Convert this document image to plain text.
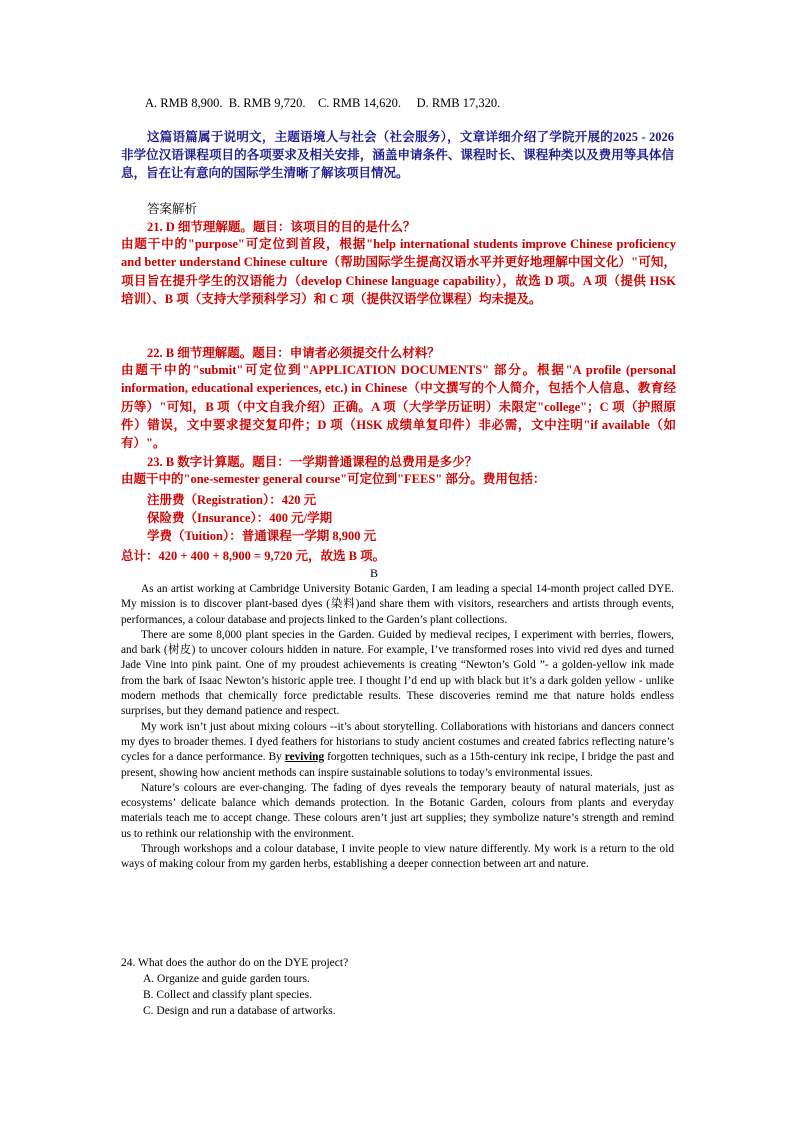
A. RMB 8,900.  B. RMB 9,720.    C. RMB 14,620.     D. RMB 17,320.
这篇语篇属于说明文，主题语境人与社会（社会服务），文章详细介绍了学院开展的2025 - 2026 非学位汉语课程项目的各项要求及相关安排，涵盖申请条件、课程时长、课程种类以及费用等具体信息，旨在让有意向的国际学生清晰了解该项目情况。
答案解析
21. D 细节理解题。题目：该项目的目的是什么？
由题干中的"purpose"可定位到首段，根据"help international students improve Chinese proficiency and better understand Chinese culture（帮助国际学生提高汉语水平并更好地理解中国文化）"可知，项目旨在提升学生的汉语能力（develop Chinese language capability），故选 D 项。A 项（提供 HSK 培训）、B 项（支持大学预科学习）和 C 项（提供汉语学位课程）均未提及。
22. B 细节理解题。题目：申请者必须提交什么材料？
由题干中的"submit"可定位到"APPLICATION DOCUMENTS" 部分。根据"A profile (personal information, educational experiences, etc.) in Chinese（中文撰写的个人简介，包括个人信息、教育经历等）"可知，B 项（中文自我介绍）正确。A 项（大学学历证明）未限定"college"；C 项（护照原件）错误，文中要求提交复印件；D 项（HSK 成绩单复印件）非必需，文中注明"if available（如有）"。
23. B 数字计算题。题目：一学期普通课程的总费用是多少？
由题干中的"one-semester general course"可定位到"FEES" 部分。费用包括：
注册费（Registration）：420 元
保险费（Insurance）：400 元/学期
学费（Tuition）：普通课程一学期 8,900 元
总计：420 + 400 + 8,900 = 9,720 元，故选 B 项。
B

As an artist working at Cambridge University Botanic Garden, I am leading a special 14-month project called DYE. My mission is to discover plant-based dyes (染料)and share them with visitors, researchers and artists through events, performances, a colour database and projects linked to the Garden’s plant collections.

There are some 8,000 plant species in the Garden. Guided by medieval recipes, I experiment with berries, flowers, and bark (树皮) to uncover colours hidden in nature. For example, I’ve transformed roses into vivid red dyes and turned Jade Vine into pink paint. One of my proudest achievements is creating “Newton’s Gold ”- a golden-yellow ink made from the bark of Isaac Newton’s historic apple tree. I thought I’d end up with black but it’s a dark golden yellow - unlike modern methods that chemically force predictable results. These discoveries remind me that nature holds endless surprises, but they demand patience and respect.

My work isn’t just about mixing colours --it’s about storytelling. Collaborations with historians and dancers connect my dyes to broader themes. I dyed feathers for historians to study ancient costumes and created fabrics reflecting nature’s cycles for a dance performance. By reviving forgotten techniques, such as a 15th-century ink recipe, I bridge the past and present, showing how ancient methods can inspire sustainable solutions to today’s environmental issues.

Nature’s colours are ever-changing. The fading of dyes reveals the temporary beauty of natural materials, just as ecosystems’ delicate balance which demands protection. In the Botanic Garden, colours from plants and everyday materials teach me to accept change. These colours aren’t just art supplies; they symbolize nature’s strength and remind us to rethink our relationship with the environment.

Through workshops and a colour database, I invite people to view nature differently. My work is a return to the old ways of making colour from my garden herbs, establishing a deeper connection between art and nature.

24. What does the author do on the DYE project?
A. Organize and guide garden tours.
B. Collect and classify plant species.
C. Design and run a database of artworks.
